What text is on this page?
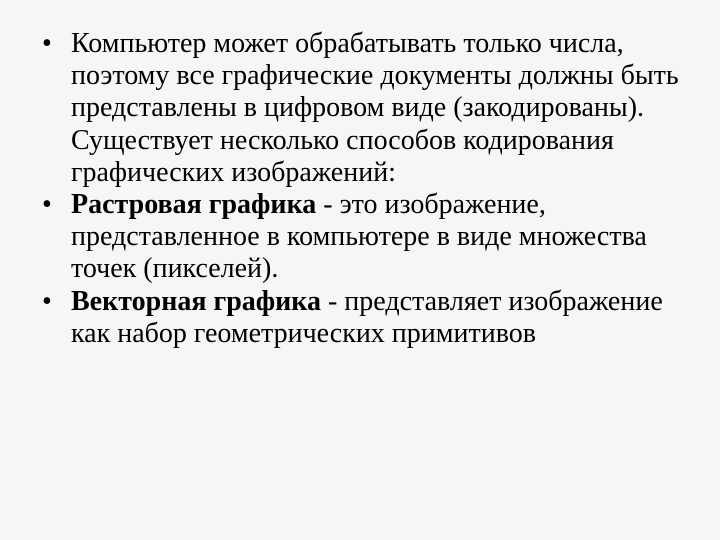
• Компьютер может обрабатывать только числа, поэтому все графические документы должны быть представлены в цифровом виде (закодированы). Существует несколько способов кодирования графических изображений:
• Растровая графика - это изображение, представленное в компьютере в виде множества точек (пикселей).
• Векторная графика - представляет изображение как набор геометрических примитивов
